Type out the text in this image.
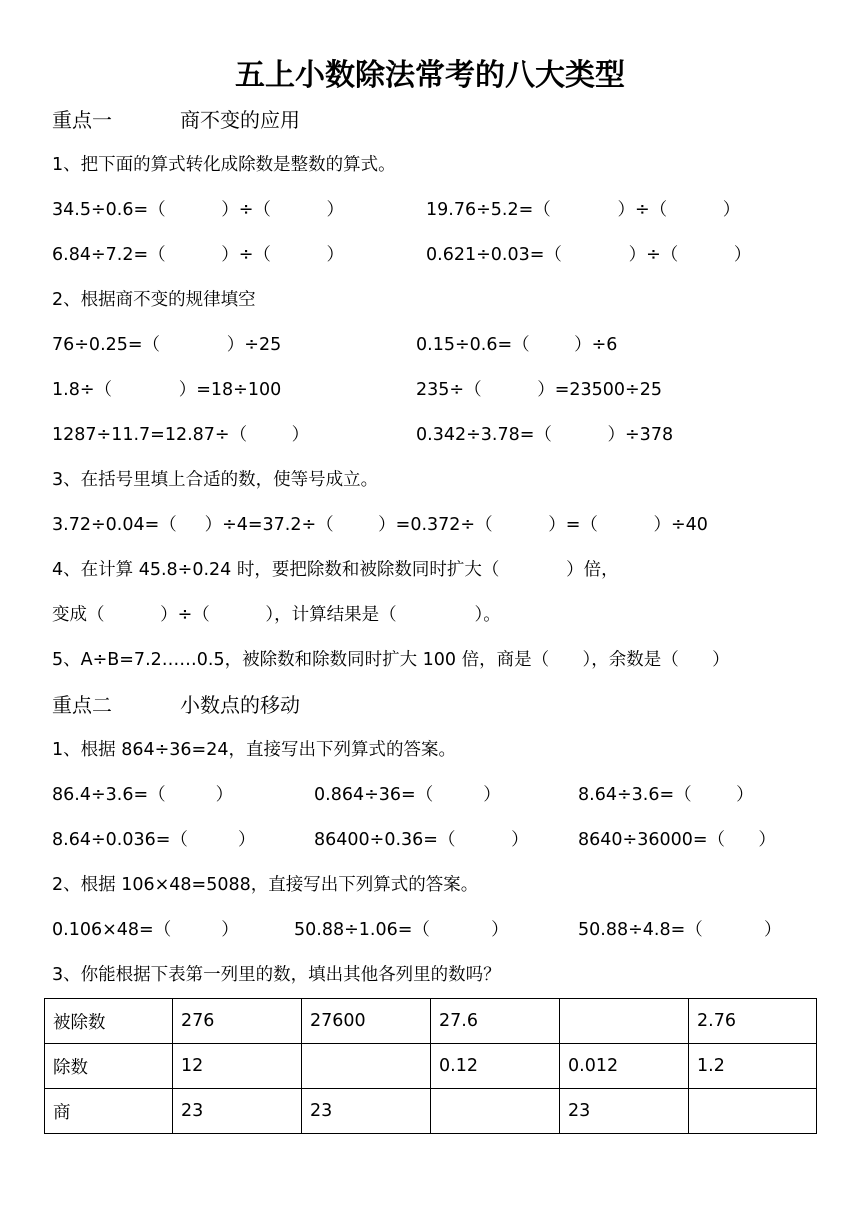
五上小数除法常考的八大类型
重点一	商不变的应用
1、把下面的算式转化成除数是整数的算式。
34.5÷0.6=（          ）÷（          ）	19.76÷5.2=（            ）÷（          ）
6.84÷7.2=（          ）÷（          ）	0.621÷0.03=（            ）÷（          ）
2、根据商不变的规律填空
76÷0.25=（            ）÷25	0.15÷0.6=（        ）÷6
1.8÷（            ）=18÷100	235÷（          ）=23500÷25
1287÷11.7=12.87÷（        ）	0.342÷3.78=（          ）÷378
3、在括号里填上合适的数，使等号成立。
3.72÷0.04=（     ）÷4=37.2÷（        ）=0.372÷（          ）=（          ）÷40
4、在计算 45.8÷0.24 时，要把除数和被除数同时扩大（            ）倍，
变成（          ）÷（          ），计算结果是（              ）。
5、A÷B=7.2……0.5，被除数和除数同时扩大 100 倍，商是（      ），余数是（      ）
重点二	小数点的移动
1、根据 864÷36=24，直接写出下列算式的答案。
86.4÷3.6=（         ）	0.864÷36=（         ）	8.64÷3.6=（        ）
8.64÷0.036=（         ）	86400÷0.36=（          ）	8640÷36000=（      ）
2、根据 106×48=5088，直接写出下列算式的答案。
0.106×48=（         ）	50.88÷1.06=（           ）	50.88÷4.8=（           ）
3、你能根据下表第一列里的数，填出其他各列里的数吗？
被除数	276	27600	27.6		2.76
除数	12		0.12	0.012	1.2
商	23	23		23	
